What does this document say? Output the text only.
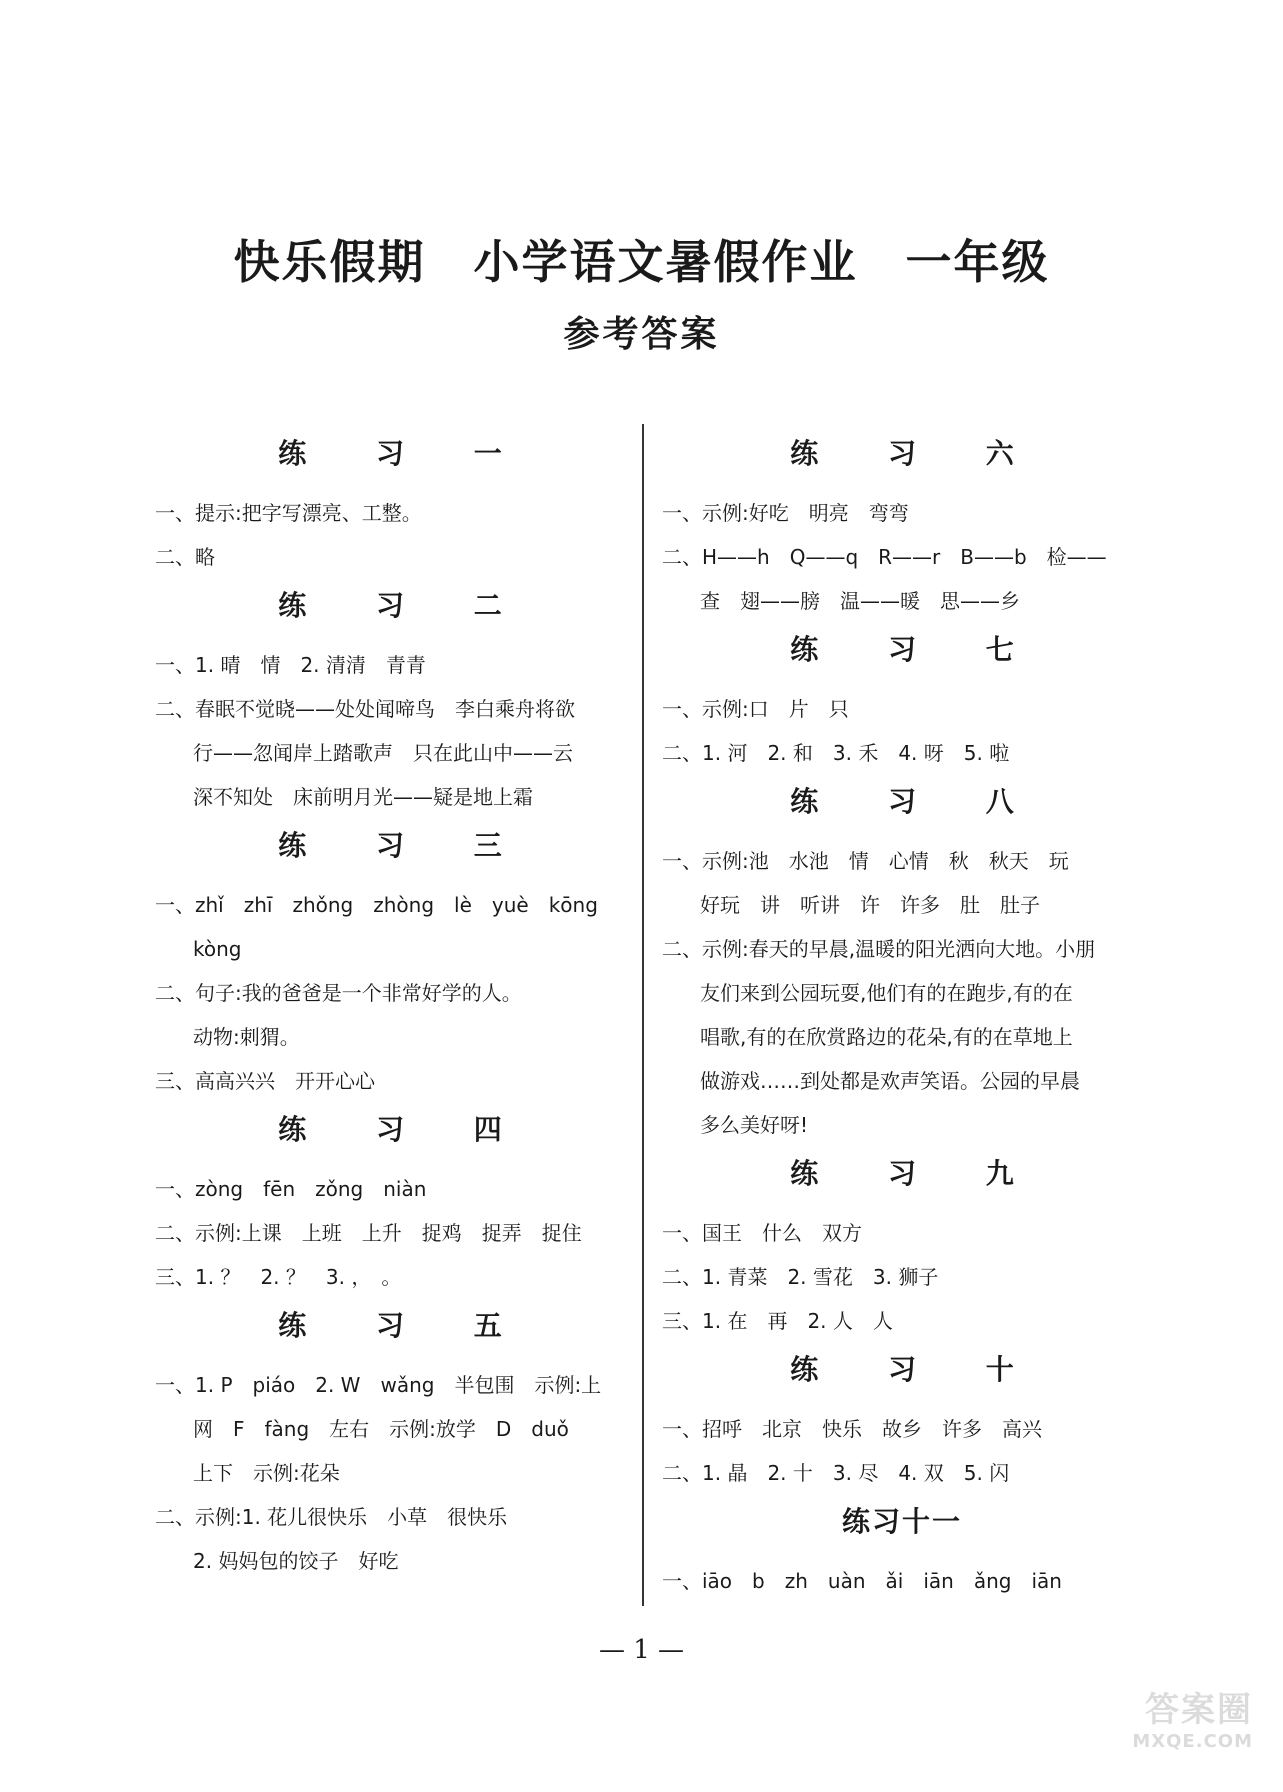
快乐假期　小学语文暑假作业　一年级
参考答案
练 习 一
一、提示:把字写漂亮、工整。
二、略
练 习 二
一、1. 晴　情　2. 清清　青青
二、春眠不觉晓——处处闻啼鸟　李白乘舟将欲
行——忽闻岸上踏歌声　只在此山中——云
深不知处　床前明月光——疑是地上霜
练 习 三
一、zhǐ　zhī　zhǒng　zhòng　lè　yuè　kōng
kòng
二、句子:我的爸爸是一个非常好学的人。
动物:刺猬。
三、高高兴兴　开开心心
练 习 四
一、zòng　fēn　zǒng　niàn
二、示例:上课　上班　上升　捉鸡　捉弄　捉住
三、1. ？　2. ？　3. ，　。
练 习 五
一、1. P　piáo　2. W　wǎng　半包围　示例:上
网　F　fàng　左右　示例:放学　D　duǒ
上下　示例:花朵
二、示例:1. 花儿很快乐　小草　很快乐
2. 妈妈包的饺子　好吃
练 习 六
一、示例:好吃　明亮　弯弯
二、H——h　Q——q　R——r　B——b　检——
查　翅——膀　温——暖　思——乡
练 习 七
一、示例:口　片　只
二、1. 河　2. 和　3. 禾　4. 呀　5. 啦
练 习 八
一、示例:池　水池　情　心情　秋　秋天　玩
好玩　讲　听讲　许　许多　肚　肚子
二、示例:春天的早晨,温暖的阳光洒向大地。小朋
友们来到公园玩耍,他们有的在跑步,有的在
唱歌,有的在欣赏路边的花朵,有的在草地上
做游戏……到处都是欢声笑语。公园的早晨
多么美好呀!
练 习 九
一、国王　什么　双方
二、1. 青菜　2. 雪花　3. 狮子
三、1. 在　再　2. 人　人
练 习 十
一、招呼　北京　快乐　故乡　许多　高兴
二、1. 晶　2. 十　3. 尽　4. 双　5. 闪
练习十一
一、iāo　b　zh　uàn　ǎi　iān　ǎng　iān
— 1 —
答案圈
MXQE.COM
